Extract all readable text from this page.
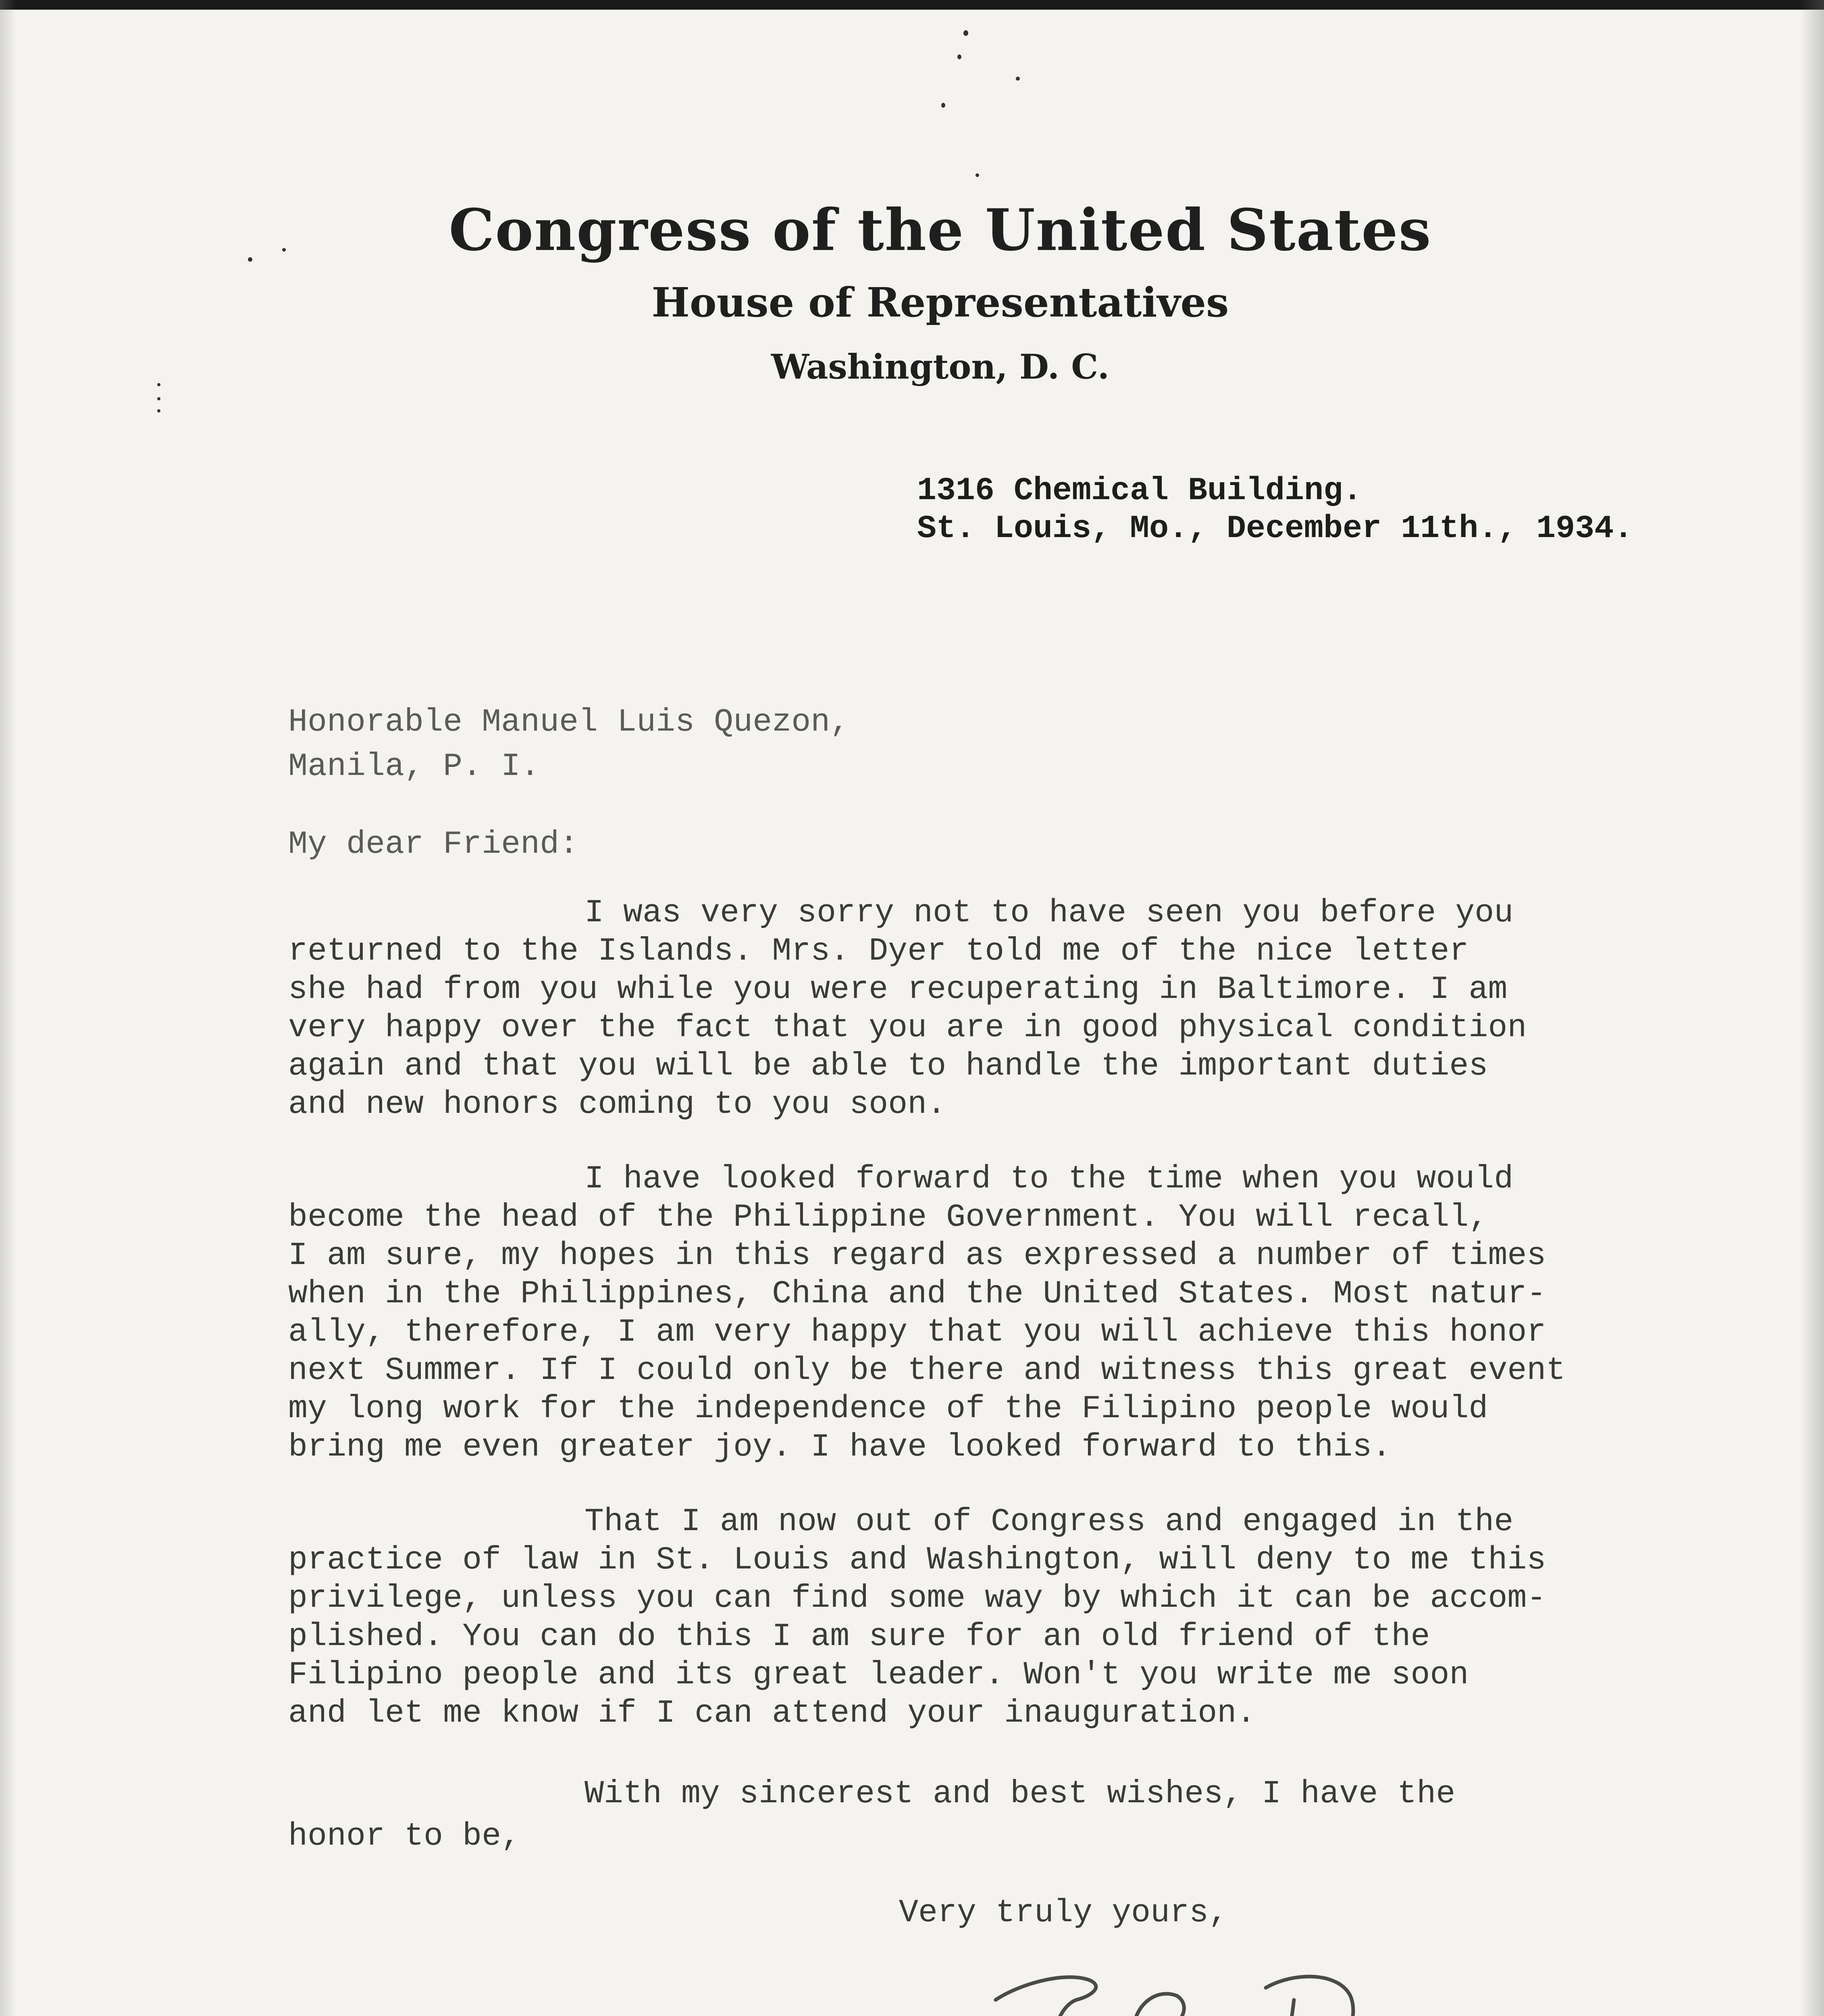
Congress of the United States
House of Representatives
Washington, D. C.
1316 Chemical Building.
St. Louis, Mo., December 11th., 1934.
Honorable Manuel Luis Quezon,
Manila, P. I.
My dear Friend:
I was very sorry not to have seen you before you
returned to the Islands. Mrs. Dyer told me of the nice letter
she had from you while you were recuperating in Baltimore. I am
very happy over the fact that you are in good physical condition
again and that you will be able to handle the important duties
and new honors coming to you soon.
I have looked forward to the time when you would
become the head of the Philippine Government. You will recall,
I am sure, my hopes in this regard as expressed a number of times
when in the Philippines, China and the United States. Most natur-
ally, therefore, I am very happy that you will achieve this honor
next Summer. If I could only be there and witness this great event
my long work for the independence of the Filipino people would
bring me even greater joy. I have looked forward to this.
That I am now out of Congress and engaged in the
practice of law in St. Louis and Washington, will deny to me this
privilege, unless you can find some way by which it can be accom-
plished. You can do this I am sure for an old friend of the
Filipino people and its great leader. Won't you write me soon
and let me know if I can attend your inauguration.
With my sincerest and best wishes, I have the
honor to be,
Very truly yours,
